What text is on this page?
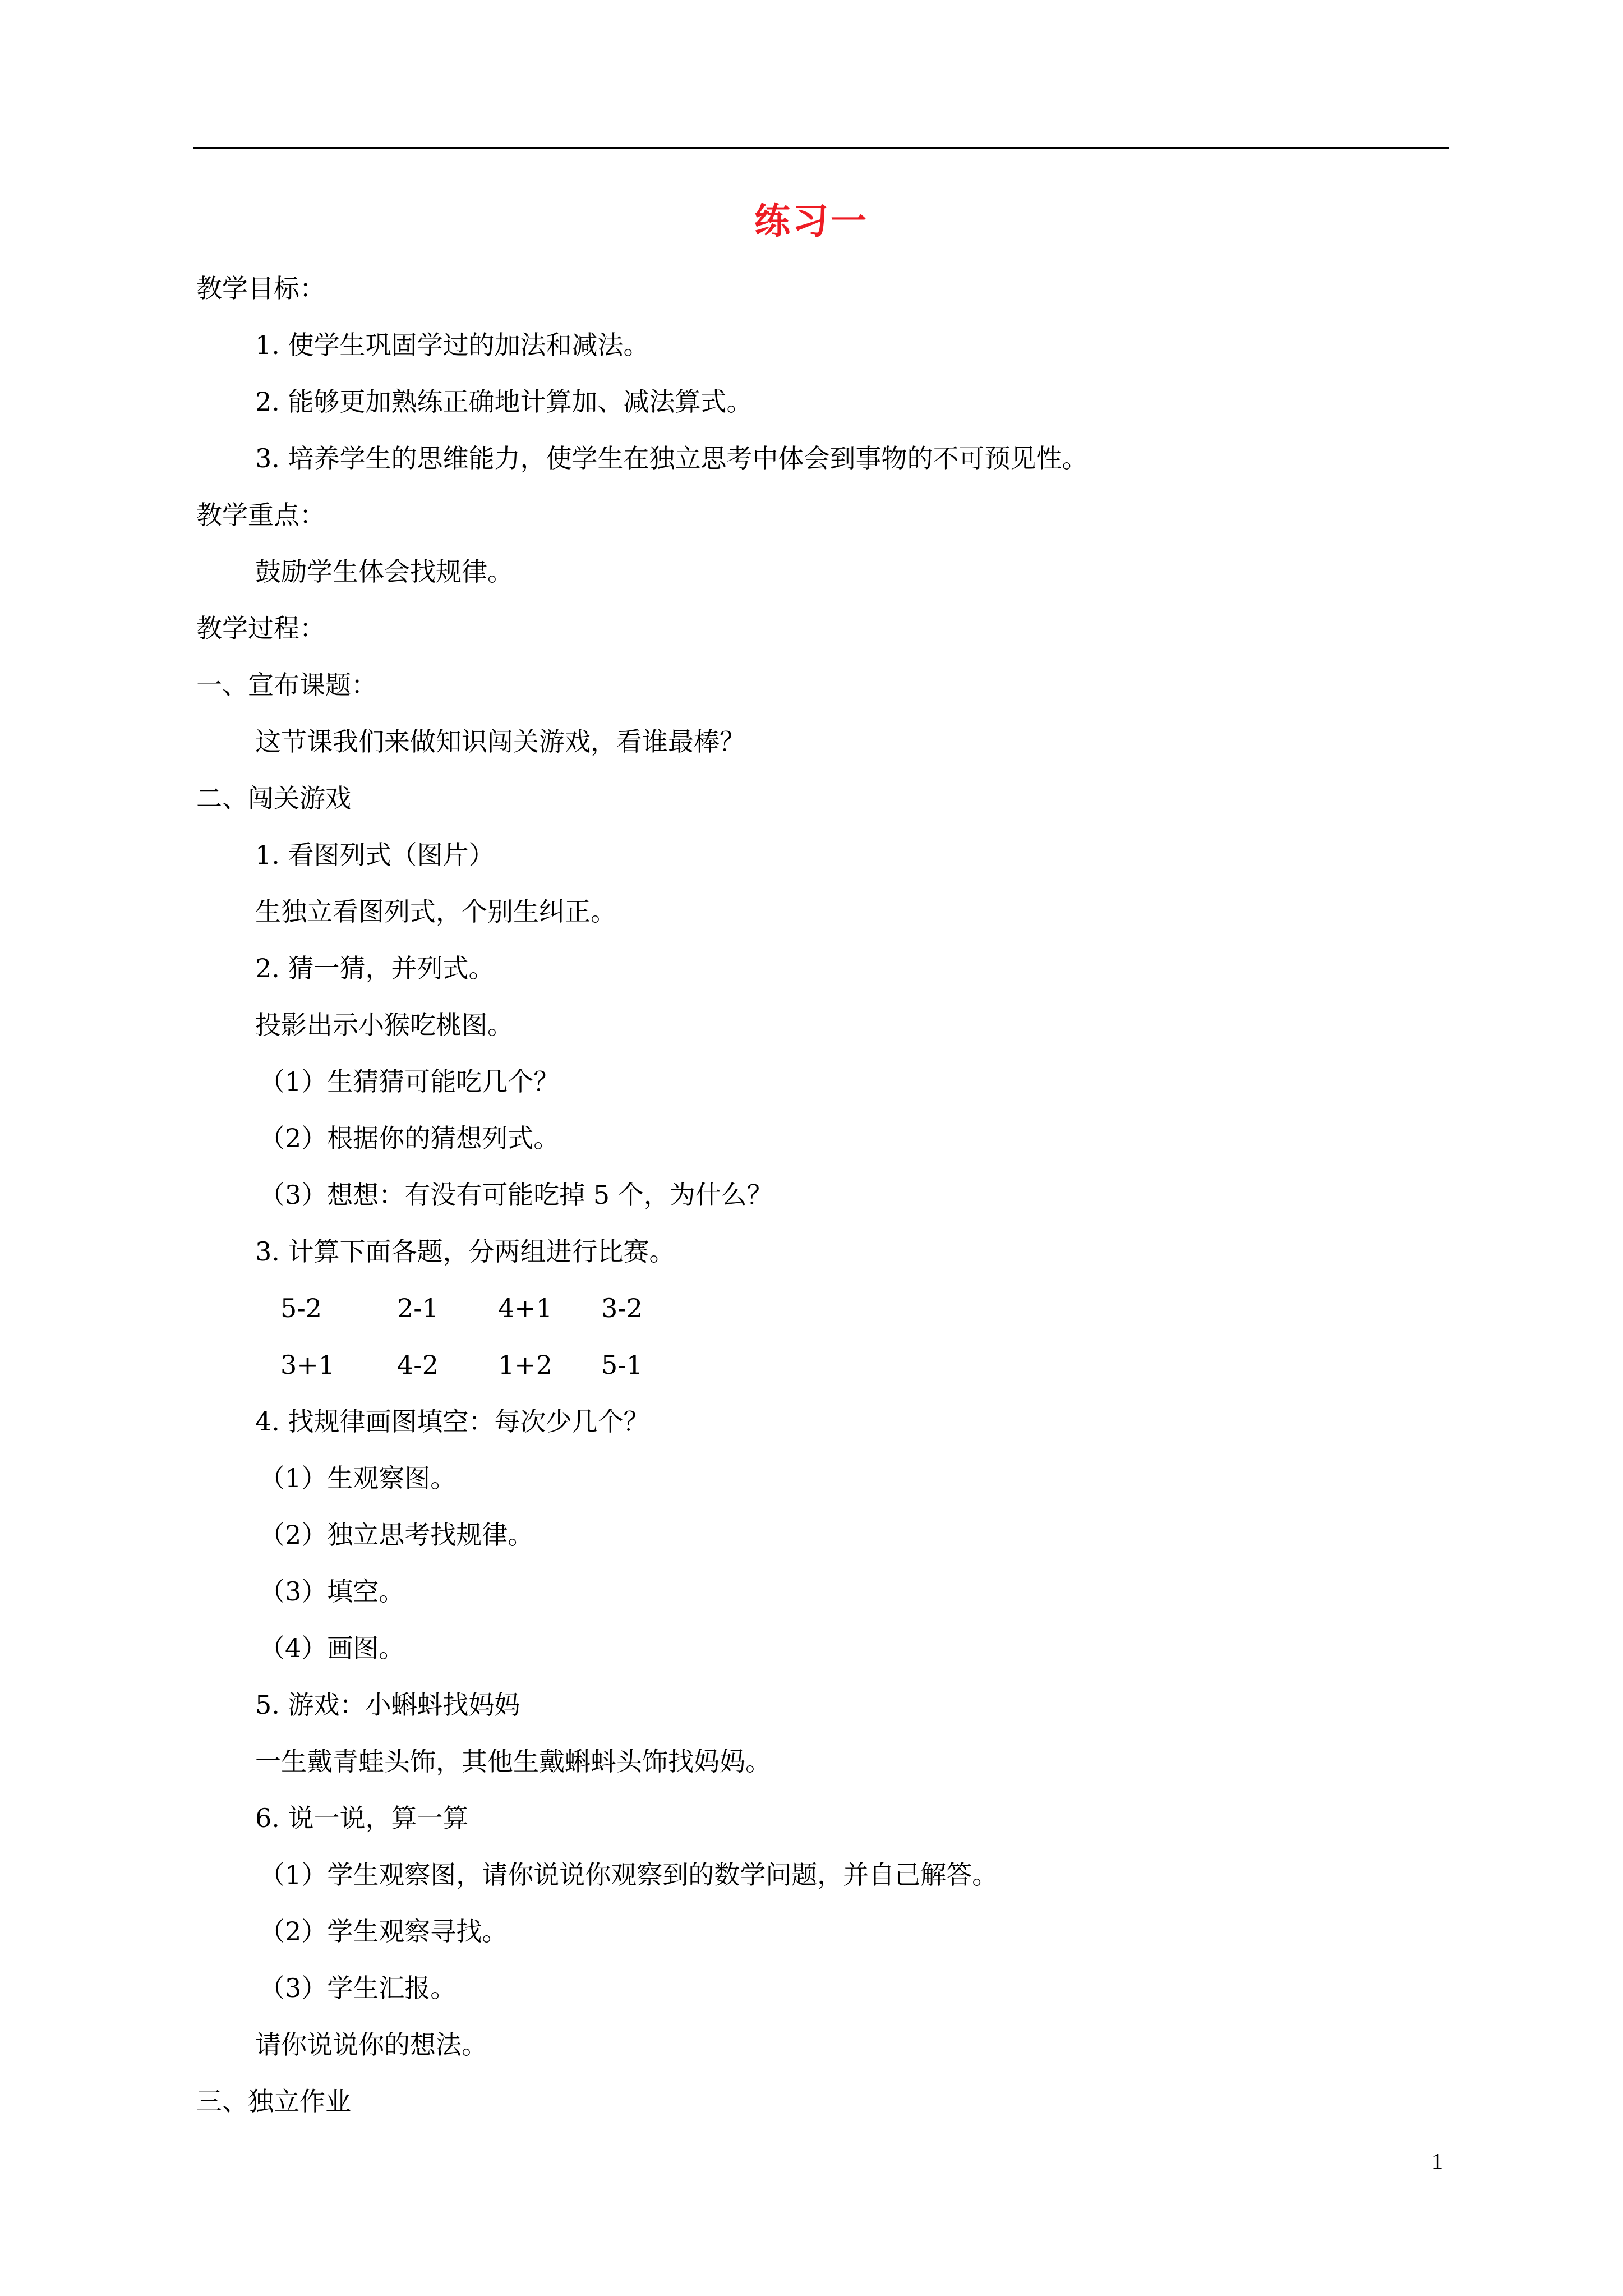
练习一
教学目标：
1. 使学生巩固学过的加法和减法。
2. 能够更加熟练正确地计算加、减法算式。
3. 培养学生的思维能力，使学生在独立思考中体会到事物的不可预见性。
教学重点：
鼓励学生体会找规律。
教学过程：
一、宣布课题：
这节课我们来做知识闯关游戏，看谁最棒？
二、闯关游戏
1. 看图列式（图片）
生独立看图列式，个别生纠正。
2. 猜一猜，并列式。
投影出示小猴吃桃图。
（1）生猜猜可能吃几个？
（2）根据你的猜想列式。
（3）想想：有没有可能吃掉 5 个，为什么？
3. 计算下面各题，分两组进行比赛。
5-2	2-1 4+1 3-2
3+1 4-2 1+2 5-1
4. 找规律画图填空：每次少几个？
（1）生观察图。
（2）独立思考找规律。
（3）填空。
（4）画图。
5. 游戏：小蝌蚪找妈妈
一生戴青蛙头饰，其他生戴蝌蚪头饰找妈妈。
6. 说一说，算一算
（1）学生观察图，请你说说你观察到的数学问题，并自己解答。
（2）学生观察寻找。
（3）学生汇报。
请你说说你的想法。
三、独立作业
1
